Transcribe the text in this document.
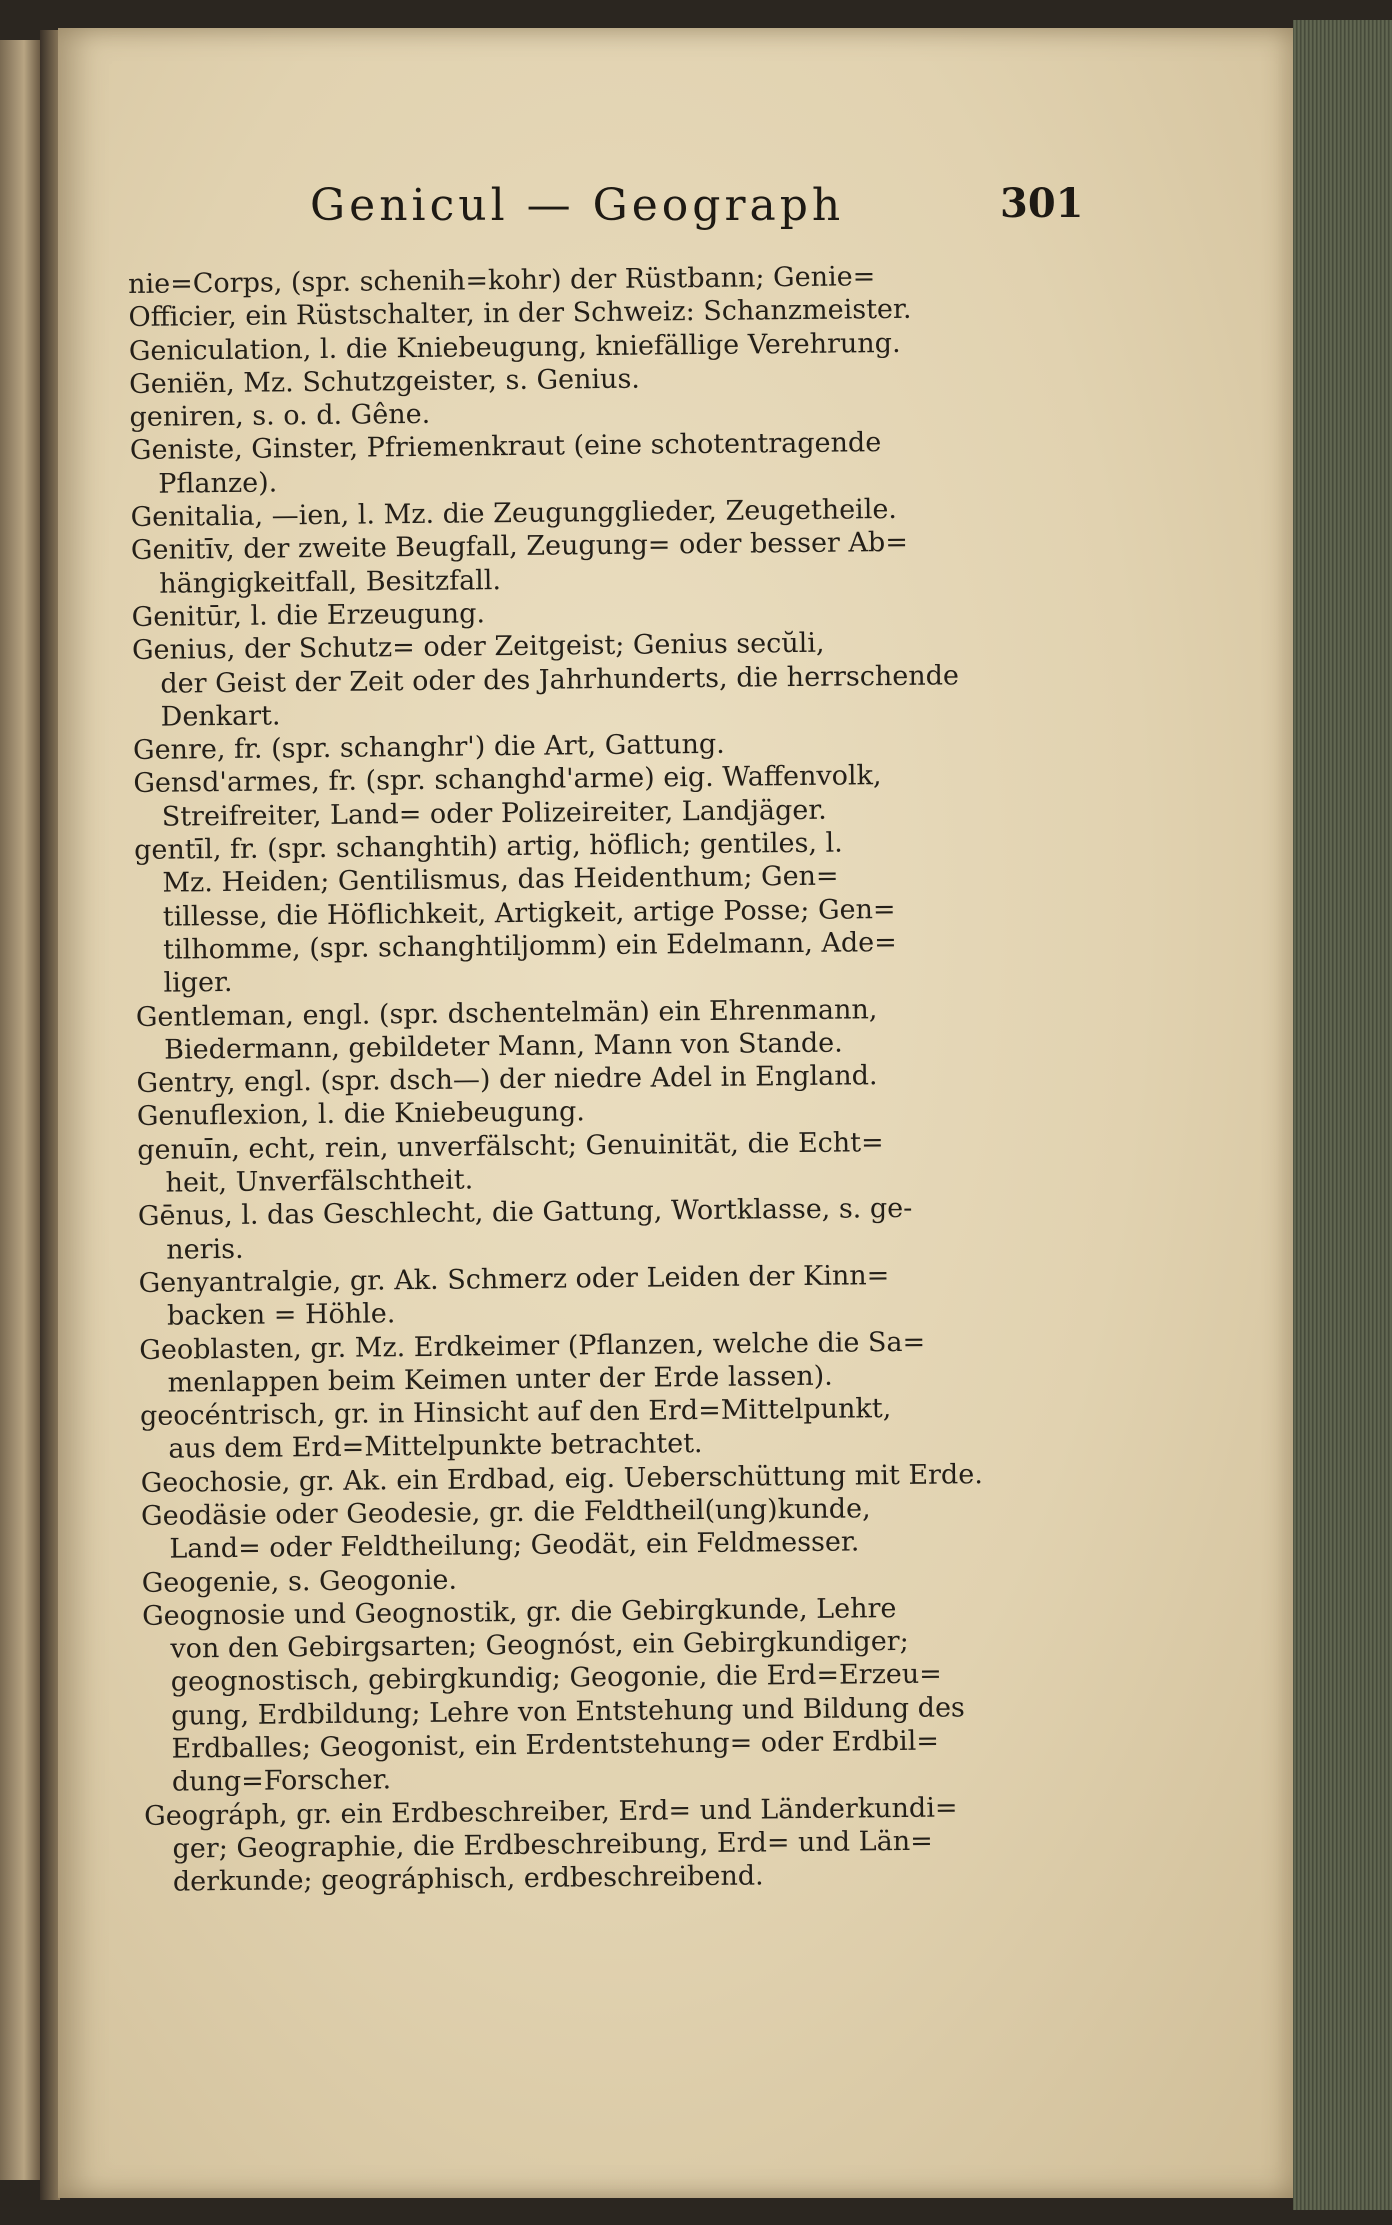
Genicul — Geograph	301
nie=Corps, (spr. schenih=kohr) der Rüstbann; Genie=
Officier, ein Rüstschalter, in der Schweiz: Schanzmeister.
Geniculation, l. die Kniebeugung, kniefällige Verehrung.
Geniën, Mz. Schutzgeister, s. Genius.
geniren, s. o. d. Gêne.
Geniste, Ginster, Pfriemenkraut (eine schotentragende
Pflanze).
Genitalia, —ien, l. Mz. die Zeugungglieder, Zeugetheile.
Genitīv, der zweite Beugfall, Zeugung= oder besser Ab=
hängigkeitfall, Besitzfall.
Genitūr, l. die Erzeugung.
Genius, der Schutz= oder Zeitgeist; Genius secŭli,
der Geist der Zeit oder des Jahrhunderts, die herrschende
Denkart.
Genre, fr. (spr. schanghr') die Art, Gattung.
Gensd'armes, fr. (spr. schanghd'arme) eig. Waffenvolk,
Streifreiter, Land= oder Polizeireiter, Landjäger.
gentīl, fr. (spr. schanghtih) artig, höflich; gentiles, l.
Mz. Heiden; Gentilismus, das Heidenthum; Gen=
tillesse, die Höflichkeit, Artigkeit, artige Posse; Gen=
tilhomme, (spr. schanghtiljomm) ein Edelmann, Ade=
liger.
Gentleman, engl. (spr. dschentelmän) ein Ehrenmann,
Biedermann, gebildeter Mann, Mann von Stande.
Gentry, engl. (spr. dsch—) der niedre Adel in England.
Genuflexion, l. die Kniebeugung.
genuīn, echt, rein, unverfälscht; Genuinität, die Echt=
heit, Unverfälschtheit.
Gēnus, l. das Geschlecht, die Gattung, Wortklasse, s. ge-
neris.
Genyantralgie, gr. Ak. Schmerz oder Leiden der Kinn=
backen = Höhle.
Geoblasten, gr. Mz. Erdkeimer (Pflanzen, welche die Sa=
menlappen beim Keimen unter der Erde lassen).
geocéntrisch, gr. in Hinsicht auf den Erd=Mittelpunkt,
aus dem Erd=Mittelpunkte betrachtet.
Geochosie, gr. Ak. ein Erdbad, eig. Ueberschüttung mit Erde.
Geodäsie oder Geodesie, gr. die Feldtheil(ung)kunde,
Land= oder Feldtheilung; Geodät, ein Feldmesser.
Geogenie, s. Geogonie.
Geognosie und Geognostik, gr. die Gebirgkunde, Lehre
von den Gebirgsarten; Geognóst, ein Gebirgkundiger;
geognostisch, gebirgkundig; Geogonie, die Erd=Erzeu=
gung, Erdbildung; Lehre von Entstehung und Bildung des
Erdballes; Geogonist, ein Erdentstehung= oder Erdbil=
dung=Forscher.
Geográph, gr. ein Erdbeschreiber, Erd= und Länderkundi=
ger; Geographie, die Erdbeschreibung, Erd= und Län=
derkunde; geográphisch, erdbeschreibend.
